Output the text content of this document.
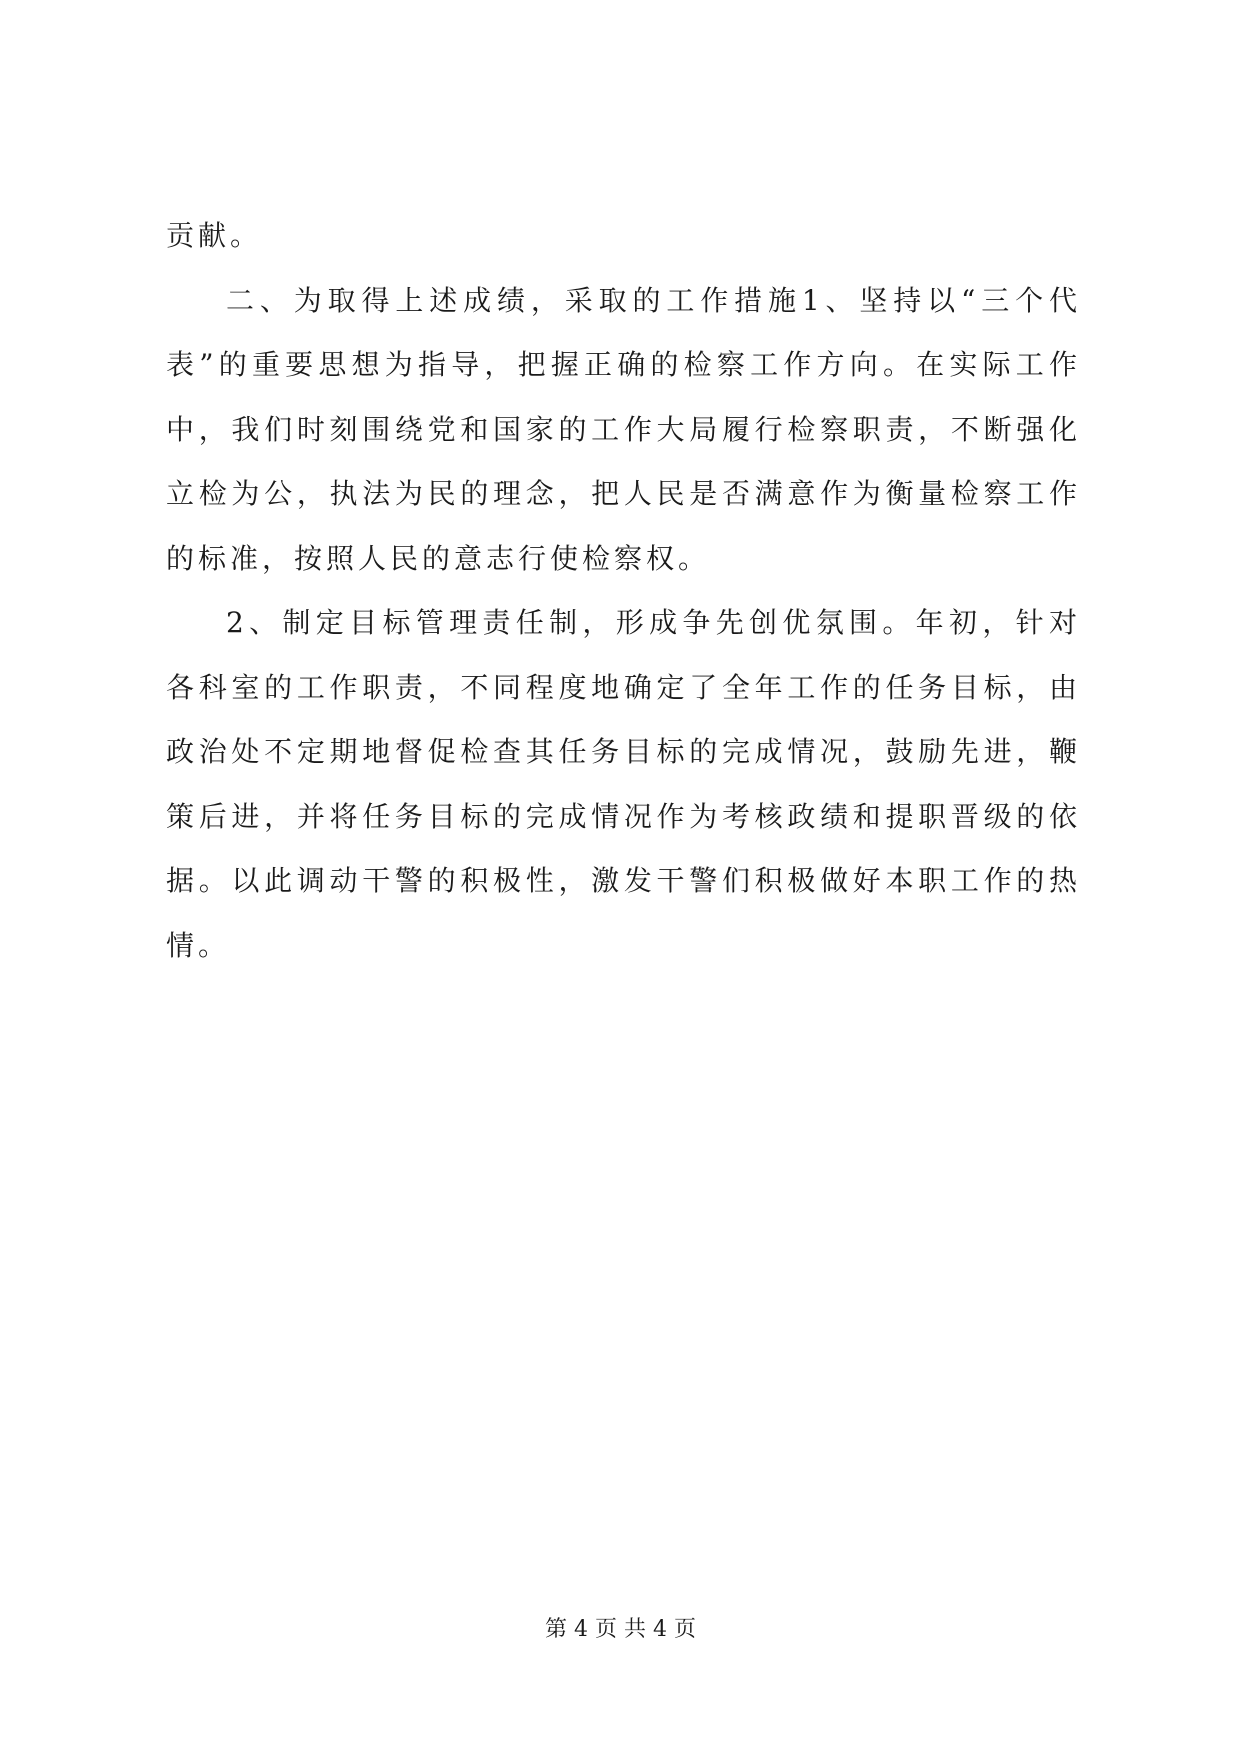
贡献。
二、为取得上述成绩，采取的工作措施1、坚持以“三个代
表”的重要思想为指导，把握正确的检察工作方向。在实际工作
中，我们时刻围绕党和国家的工作大局履行检察职责，不断强化
立检为公，执法为民的理念，把人民是否满意作为衡量检察工作
的标准，按照人民的意志行使检察权。
2、制定目标管理责任制，形成争先创优氛围。年初，针对
各科室的工作职责，不同程度地确定了全年工作的任务目标，由
政治处不定期地督促检查其任务目标的完成情况，鼓励先进，鞭
策后进，并将任务目标的完成情况作为考核政绩和提职晋级的依
据。以此调动干警的积极性，激发干警们积极做好本职工作的热
情。
第 4 页 共 4 页
